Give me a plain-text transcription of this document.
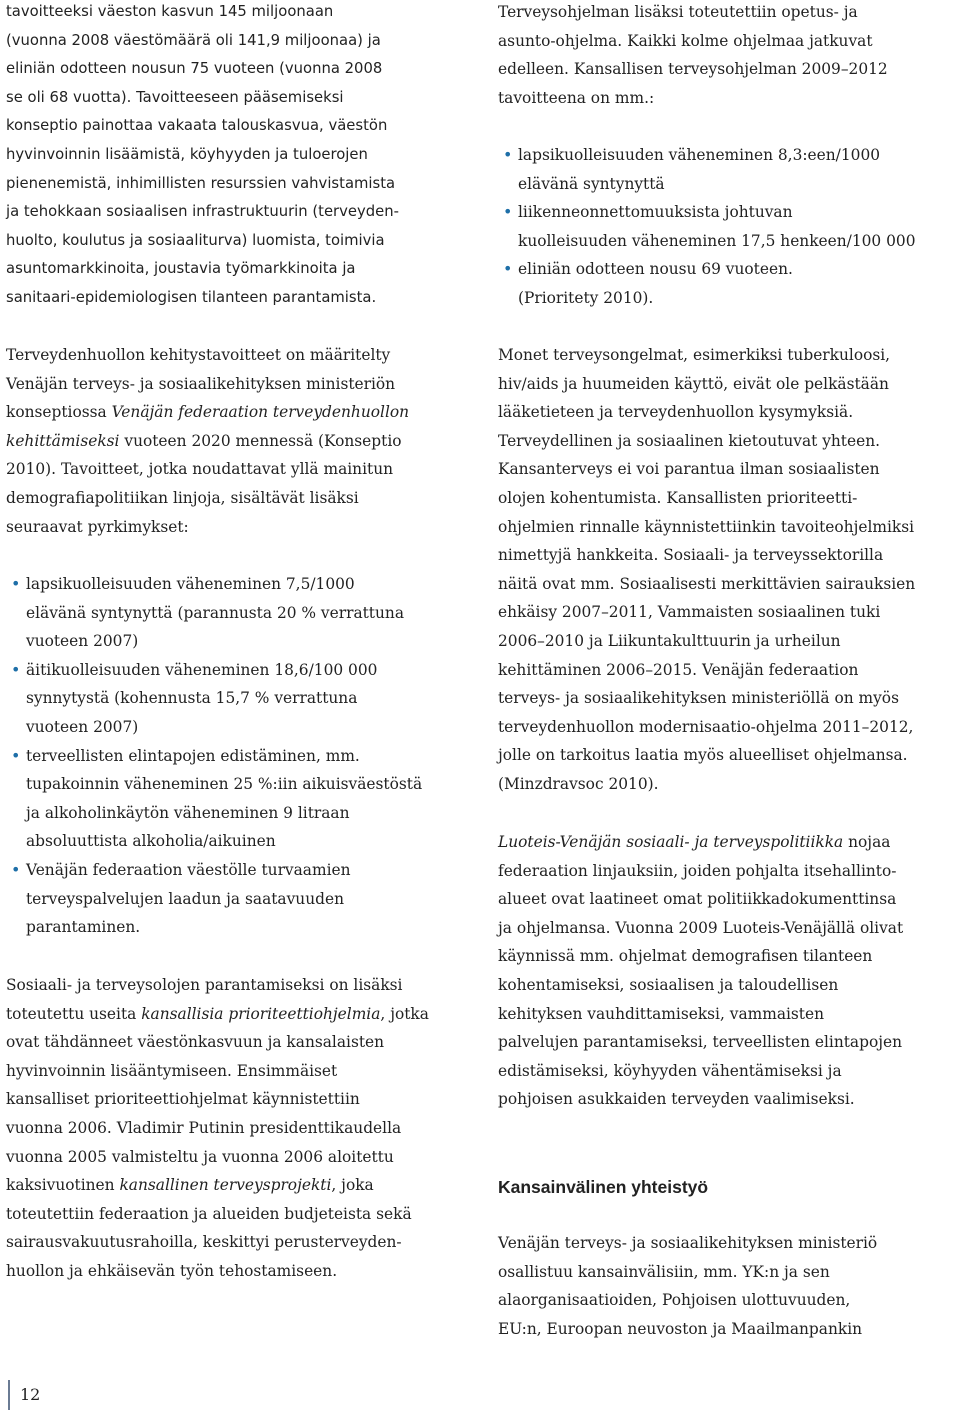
tavoitteeksi väeston kasvun 145 miljoonaan
(vuonna 2008 väestömäärä oli 141,9 miljoonaa) ja
eliniän odotteen nousun 75 vuoteen (vuonna 2008
se oli 68 vuotta). Tavoitteeseen pääsemiseksi
konseptio painottaa vakaata talouskasvua, väestön
hyvinvoinnin lisäämistä, köyhyyden ja tuloerojen
pienenemistä, inhimillisten resurssien vahvistamista
ja tehokkaan sosiaalisen infrastruktuurin (terveyden-
huolto, koulutus ja sosiaaliturva) luomista, toimivia
asuntomarkkinoita, joustavia työmarkkinoita ja
sanitaari-epidemiologisen tilanteen parantamista.
Terveydenhuollon kehitystavoitteet on määritelty
Venäjän terveys- ja sosiaalikehityksen ministeriön
konseptiossa Venäjän federaation terveydenhuollon
kehittämiseksi vuoteen 2020 mennessä (Konseptio
2010). Tavoitteet, jotka noudattavat yllä mainitun
demografiapolitiikan linjoja, sisältävät lisäksi
seuraavat pyrkimykset:
• lapsikuolleisuuden väheneminen 7,5/1000
elävänä syntynyttä (parannusta 20 % verrattuna
vuoteen 2007)
• äitikuolleisuuden väheneminen 18,6/100 000
synnytystä (kohennusta 15,7 % verrattuna
vuoteen 2007)
• terveellisten elintapojen edistäminen, mm.
tupakoinnin väheneminen 25 %:iin aikuisväestöstä
ja alkoholinkäytön väheneminen 9 litraan
absoluuttista alkoholia/aikuinen
• Venäjän federaation väestölle turvaamien
terveyspalvelujen laadun ja saatavuuden
parantaminen.
Sosiaali- ja terveysolojen parantamiseksi on lisäksi
toteutettu useita kansallisia prioriteettiohjelmia, jotka
ovat tähdänneet väestönkasvuun ja kansalaisten
hyvinvoinnin lisääntymiseen. Ensimmäiset
kansalliset prioriteettiohjelmat käynnistettiin
vuonna 2006. Vladimir Putinin presidenttikaudella
vuonna 2005 valmisteltu ja vuonna 2006 aloitettu
kaksivuotinen kansallinen terveysprojekti, joka
toteutettiin federaation ja alueiden budjeteista sekä
sairausvakuutusrahoilla, keskittyi perusterveyden-
huollon ja ehkäisevän työn tehostamiseen.
Terveysohjelman lisäksi toteutettiin opetus- ja
asunto-ohjelma. Kaikki kolme ohjelmaa jatkuvat
edelleen. Kansallisen terveysohjelman 2009–2012
tavoitteena on mm.:
• lapsikuolleisuuden väheneminen 8,3:een/1000
elävänä syntynyttä
• liikenneonnettomuuksista johtuvan
kuolleisuuden väheneminen 17,5 henkeen/100 000
• eliniän odotteen nousu 69 vuoteen.
(Prioritety 2010).
Monet terveysongelmat, esimerkiksi tuberkuloosi,
hiv/aids ja huumeiden käyttö, eivät ole pelkästään
lääketieteen ja terveydenhuollon kysymyksiä.
Terveydellinen ja sosiaalinen kietoutuvat yhteen.
Kansanterveys ei voi parantua ilman sosiaalisten
olojen kohentumista. Kansallisten prioriteetti-
ohjelmien rinnalle käynnistettiinkin tavoiteohjelmiksi
nimettyjä hankkeita. Sosiaali- ja terveyssektorilla
näitä ovat mm. Sosiaalisesti merkittävien sairauksien
ehkäisy 2007–2011, Vammaisten sosiaalinen tuki
2006–2010 ja Liikuntakulttuurin ja urheilun
kehittäminen 2006–2015. Venäjän federaation
terveys- ja sosiaalikehityksen ministeriöllä on myös
terveydenhuollon modernisaatio-ohjelma 2011–2012,
jolle on tarkoitus laatia myös alueelliset ohjelmansa.
(Minzdravsoc 2010).
Luoteis-Venäjän sosiaali- ja terveyspolitiikka nojaa
federaation linjauksiin, joiden pohjalta itsehallinto-
alueet ovat laatineet omat politiikkadokumenttinsa
ja ohjelmansa. Vuonna 2009 Luoteis-Venäjällä olivat
käynnissä mm. ohjelmat demografisen tilanteen
kohentamiseksi, sosiaalisen ja taloudellisen
kehityksen vauhdittamiseksi, vammaisten
palvelujen parantamiseksi, terveellisten elintapojen
edistämiseksi, köyhyyden vähentämiseksi ja
pohjoisen asukkaiden terveyden vaalimiseksi.
Venäjän terveys- ja sosiaalikehityksen ministeriö
osallistuu kansainvälisiin, mm. YK:n ja sen
alaorganisaatioiden, Pohjoisen ulottuvuuden,
EU:n, Euroopan neuvoston ja Maailmanpankin
Kansainvälinen yhteistyö
12
